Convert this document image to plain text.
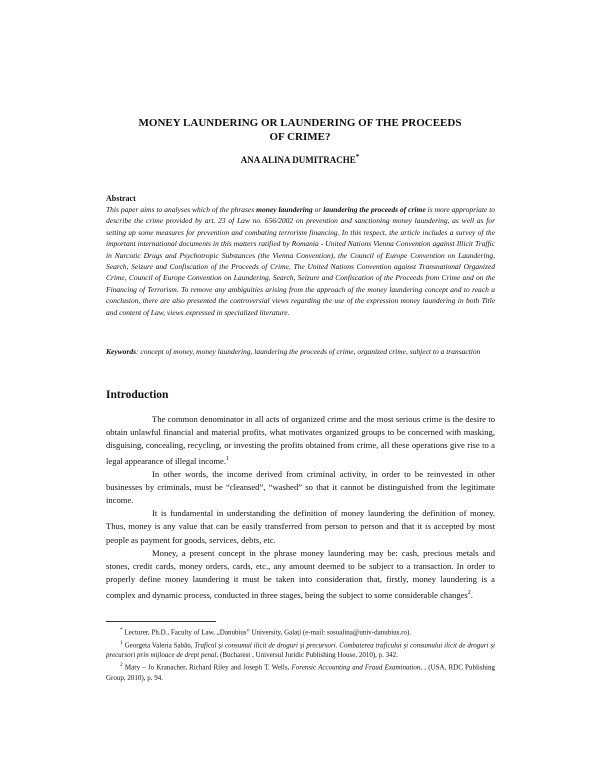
MONEY LAUNDERING OR LAUNDERING OF THE PROCEEDS
OF CRIME?
ANA ALINA DUMITRACHE*
Abstract
This paper aims to analyses which of the phrases money laundering or laundering the proceeds of crime is more appropriate to describe the crime provided by art. 23 of Law no. 656/2002 on prevention and sanctioning money laundering, as well as for setting up some measures for prevention and combating terrorism financing. In this respect, the article includes a survey of the important international documents in this matters ratified by Romania - United Nations Vienna Convention against Illicit Traffic in Narcotic Drugs and Psychotropic Substances (the Vienna Convention), the Council of Europe Convention on Laundering, Search, Seizure and Confiscation of the Proceeds of Crime, The United Nations Convention against Transnational Organized Crime, Council of Europe Convention on Laundering, Search, Seizure and Confiscation of the Proceeds from Crime and on the Financing of Terrorism. To remove any ambiguities arising from the approach of the money laundering concept and to reach a conclusion, there are also presented the controversial views regarding the use of the expression money laundering in both Title and content of Law, views expressed in specialized literature.
Keywords: concept of money, money laundering, laundering the proceeds of crime, organized crime, subject to a transaction
Introduction

The common denominator in all acts of organized crime and the most serious crime is the desire to obtain unlawful financial and material profits, what motivates organized groups to be concerned with masking, disguising, concealing, recycling, or investing the profits obtained from crime, all these operations give rise to a legal appearance of illegal income.$^1$

In other words, the income derived from criminal activity, in order to be reinvested in other businesses by criminals, must be “cleansed”, “washed” so that it cannot be distinguished from the legitimate income.

It is fundamental in understanding the definition of money laundering the definition of money. Thus, money is any value that can be easily transferred from person to person and that it is accepted by most people as payment for goods, services, debts, etc.

Money, a present concept in the phrase money laundering may be: cash, precious metals and stones, credit cards, money orders, cards, etc., any amount deemed to be subject to a transaction. In order to properly define money laundering it must be taken into consideration that, firstly, money laundering is a complex and dynamic process, conducted in three stages, being the subject to some considerable changes$^2$.

* Lecturer, Ph.D., Faculty of Law, „Danubius” University, Galați (e-mail: sosualina@univ-danubius.ro).

$^1$ Georgeta Valeria Sabău, Traficul și consumul ilicit de droguri și precursori. Combaterea traficului și consumului ilicit de droguri și precursori prin mijloace de drept penal, (Bucharest , Universul Juridic Publishing House, 2010), p. 342.

$^2$ Mary – Jo Kranacher, Richard Riley and Joseph T. Wells, Forensic Accounting and Fraud Examination, , (USA, RDC Publishing Group, 2010), p. 94.
